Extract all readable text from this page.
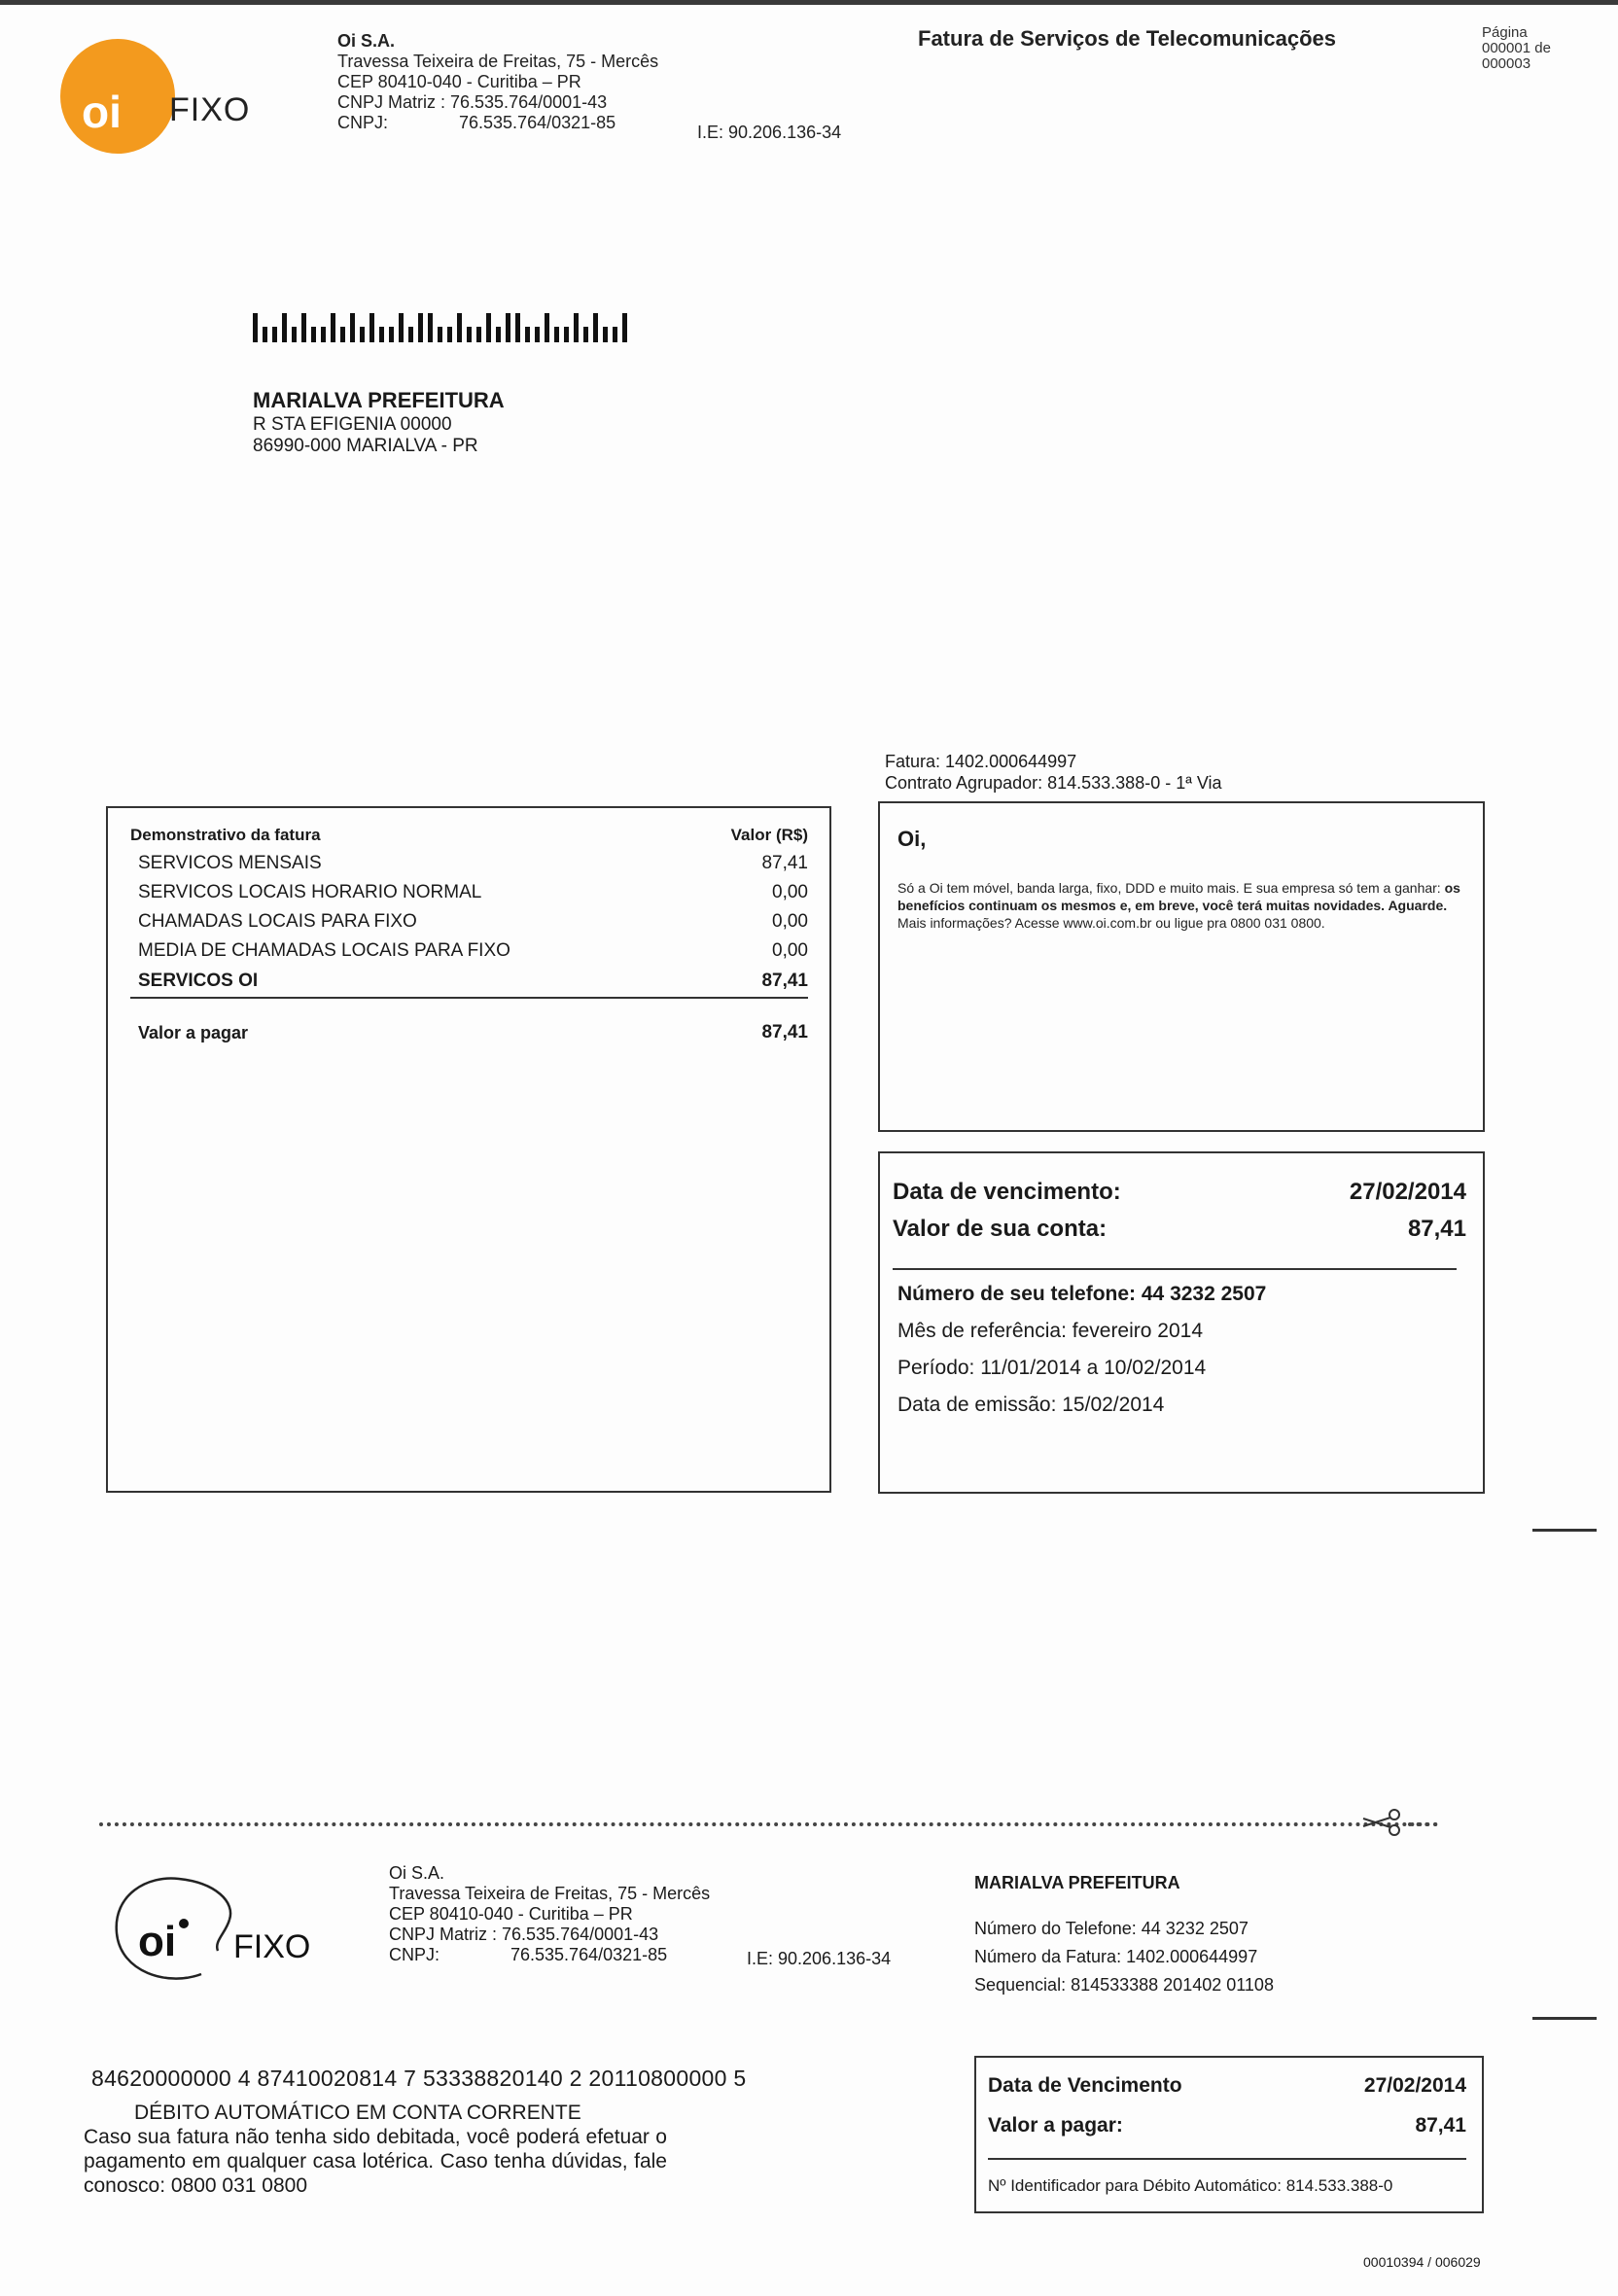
oi FIXO
Oi S.A.
Travessa Teixeira de Freitas, 75 - Mercês
CEP 80410-040 - Curitiba – PR
CNPJ Matriz : 76.535.764/0001-43
CNPJ:	76.535.764/0321-85	I.E: 90.206.136-34
Fatura de Serviços de Telecomunicações	Página
000001 de
000003
MARIALVA PREFEITURA
R STA EFIGENIA 00000
86990-000 MARIALVA - PR
Fatura: 1402.000644997
Contrato Agrupador: 814.533.388-0 - 1ª Via
Demonstrativo da fatura	Valor (R$)
SERVICOS MENSAIS	87,41
SERVICOS LOCAIS HORARIO NORMAL	0,00
CHAMADAS LOCAIS PARA FIXO	0,00
MEDIA DE CHAMADAS LOCAIS PARA FIXO	0,00
SERVICOS OI	87,41
Valor a pagar	87,41
Oi,
Só a Oi tem móvel, banda larga, fixo, DDD e muito mais. E sua empresa só tem a ganhar: os benefícios continuam os mesmos e, em breve, você terá muitas novidades. Aguarde.
Mais informações? Acesse www.oi.com.br ou ligue pra 0800 031 0800.
Data de vencimento:	27/02/2014
Valor de sua conta:	87,41
Número de seu telefone: 44 3232 2507
Mês de referência: fevereiro 2014
Período: 11/01/2014 a 10/02/2014
Data de emissão: 15/02/2014
oi FIXO
Oi S.A.
Travessa Teixeira de Freitas, 75 - Mercês
CEP 80410-040 - Curitiba – PR
CNPJ Matriz : 76.535.764/0001-43
CNPJ:	76.535.764/0321-85	I.E: 90.206.136-34
MARIALVA PREFEITURA
Número do Telefone: 44 3232 2507
Número da Fatura: 1402.000644997
Sequencial: 814533388 201402 01108
84620000000 4 87410020814 7 53338820140 2 20110800000 5
DÉBITO AUTOMÁTICO EM CONTA CORRENTE
Caso sua fatura não tenha sido debitada, você poderá efetuar o pagamento em qualquer casa lotérica. Caso tenha dúvidas, fale conosco: 0800 031 0800
Data de Vencimento	27/02/2014
Valor a pagar:	87,41
Nº Identificador para Débito Automático: 814.533.388-0
00010394 / 006029
